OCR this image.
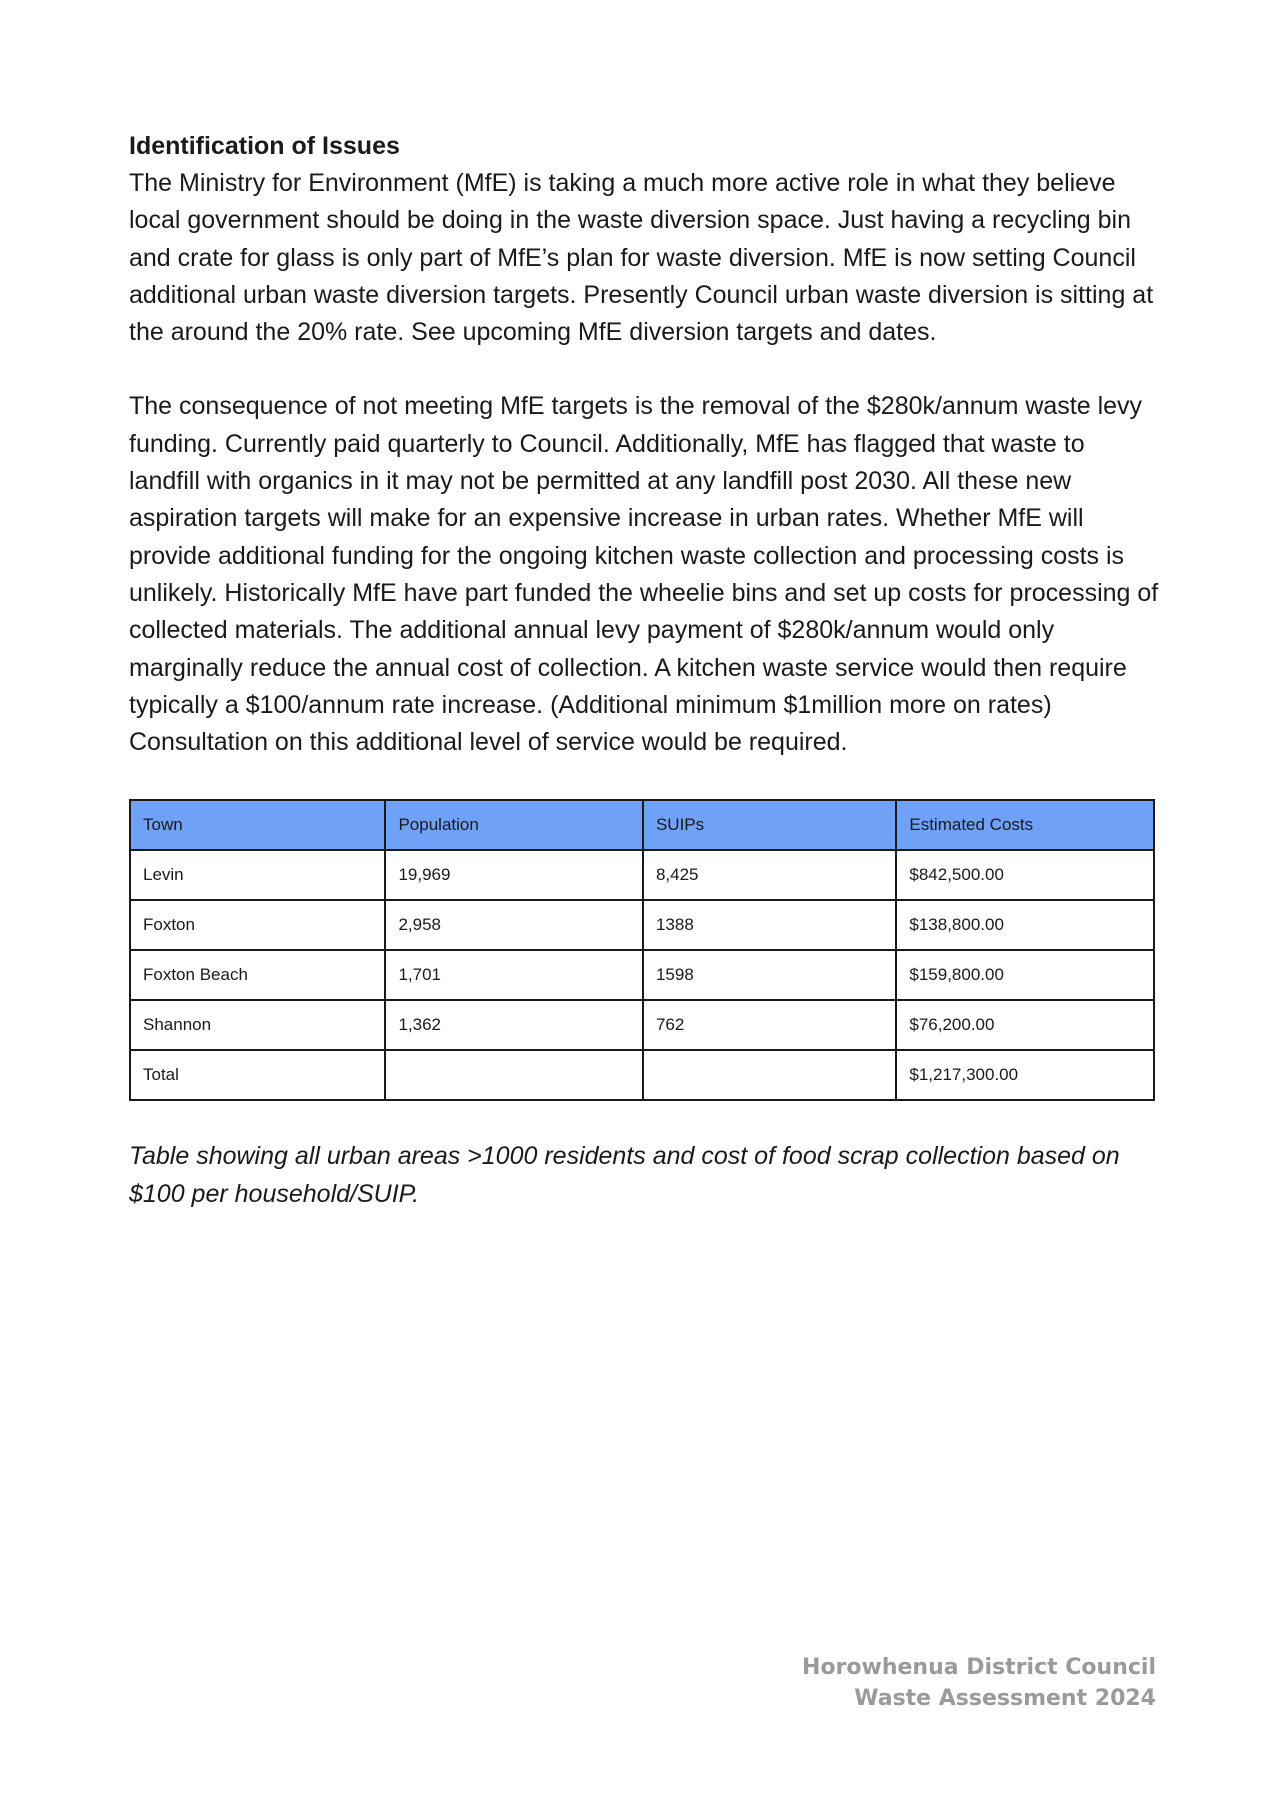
Identification of Issues

The Ministry for Environment (MfE) is taking a much more active role in what they believe local government should be doing in the waste diversion space. Just having a recycling bin and crate for glass is only part of MfE’s plan for waste diversion. MfE is now setting Council additional urban waste diversion targets. Presently Council urban waste diversion is sitting at the around the 20% rate. See upcoming MfE diversion targets and dates.

The consequence of not meeting MfE targets is the removal of the $280k/annum waste levy funding. Currently paid quarterly to Council. Additionally, MfE has flagged that waste to landfill with organics in it may not be permitted at any landfill post 2030. All these new aspiration targets will make for an expensive increase in urban rates. Whether MfE will provide additional funding for the ongoing kitchen waste collection and processing costs is unlikely. Historically MfE have part funded the wheelie bins and set up costs for processing of collected materials. The additional annual levy payment of $280k/annum would only marginally reduce the annual cost of collection. A kitchen waste service would then require typically a $100/annum rate increase. (Additional minimum $1million more on rates) Consultation on this additional level of service would be required.

Town	Population	SUIPs	Estimated Costs
Levin	19,969	8,425	$842,500.00
Foxton	2,958	1388	$138,800.00
Foxton Beach	1,701	1598	$159,800.00
Shannon	1,362	762	$76,200.00
Total			$1,217,300.00

Table showing all urban areas >1000 residents and cost of food scrap collection based on $100 per household/SUIP.

Horowhenua District Council
Waste Assessment 2024
